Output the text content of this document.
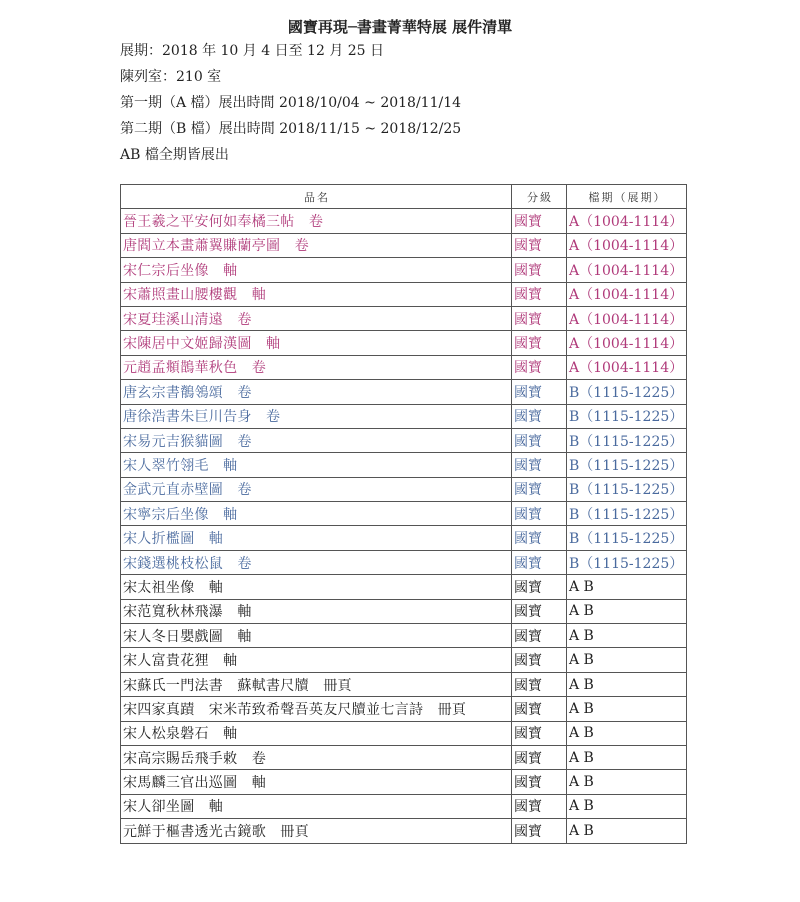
國寶再現─書畫菁華特展 展件清單
展期：2018 年 10 月 4 日至 12 月 25 日
陳列室：210 室
第一期（A 檔）展出時間 2018/10/04 ~ 2018/11/14
第二期（B 檔）展出時間 2018/11/15 ~ 2018/12/25
AB 檔全期皆展出
品名	分級	檔期（展期）
晉王羲之平安何如奉橘三帖　卷	國寶	A（1004-1114）
唐閻立本畫蕭翼賺蘭亭圖　卷	國寶	A（1004-1114）
宋仁宗后坐像　軸	國寶	A（1004-1114）
宋蕭照畫山腰樓觀　軸	國寶	A（1004-1114）
宋夏珪溪山清遠　卷	國寶	A（1004-1114）
宋陳居中文姬歸漢圖　軸	國寶	A（1004-1114）
元趙孟頫鵲華秋色　卷	國寶	A（1004-1114）
唐玄宗書鶺鴒頌　卷	國寶	B（1115-1225）
唐徐浩書朱巨川告身　卷	國寶	B（1115-1225）
宋易元吉猴貓圖　卷	國寶	B（1115-1225）
宋人翠竹翎毛　軸	國寶	B（1115-1225）
金武元直赤壁圖　卷	國寶	B（1115-1225）
宋寧宗后坐像　軸	國寶	B（1115-1225）
宋人折檻圖　軸	國寶	B（1115-1225）
宋錢選桃枝松鼠　卷	國寶	B（1115-1225）
宋太祖坐像　軸	國寶	A B
宋范寬秋林飛瀑　軸	國寶	A B
宋人冬日嬰戲圖　軸	國寶	A B
宋人富貴花狸　軸	國寶	A B
宋蘇氏一門法書　蘇軾書尺牘　冊頁	國寶	A B
宋四家真蹟　宋米芾致希聲吾英友尺牘並七言詩　冊頁	國寶	A B
宋人松泉磐石　軸	國寶	A B
宋高宗賜岳飛手敕　卷	國寶	A B
宋馬麟三官出巡圖　軸	國寶	A B
宋人卻坐圖　軸	國寶	A B
元鮮于樞書透光古鏡歌　冊頁	國寶	A B
